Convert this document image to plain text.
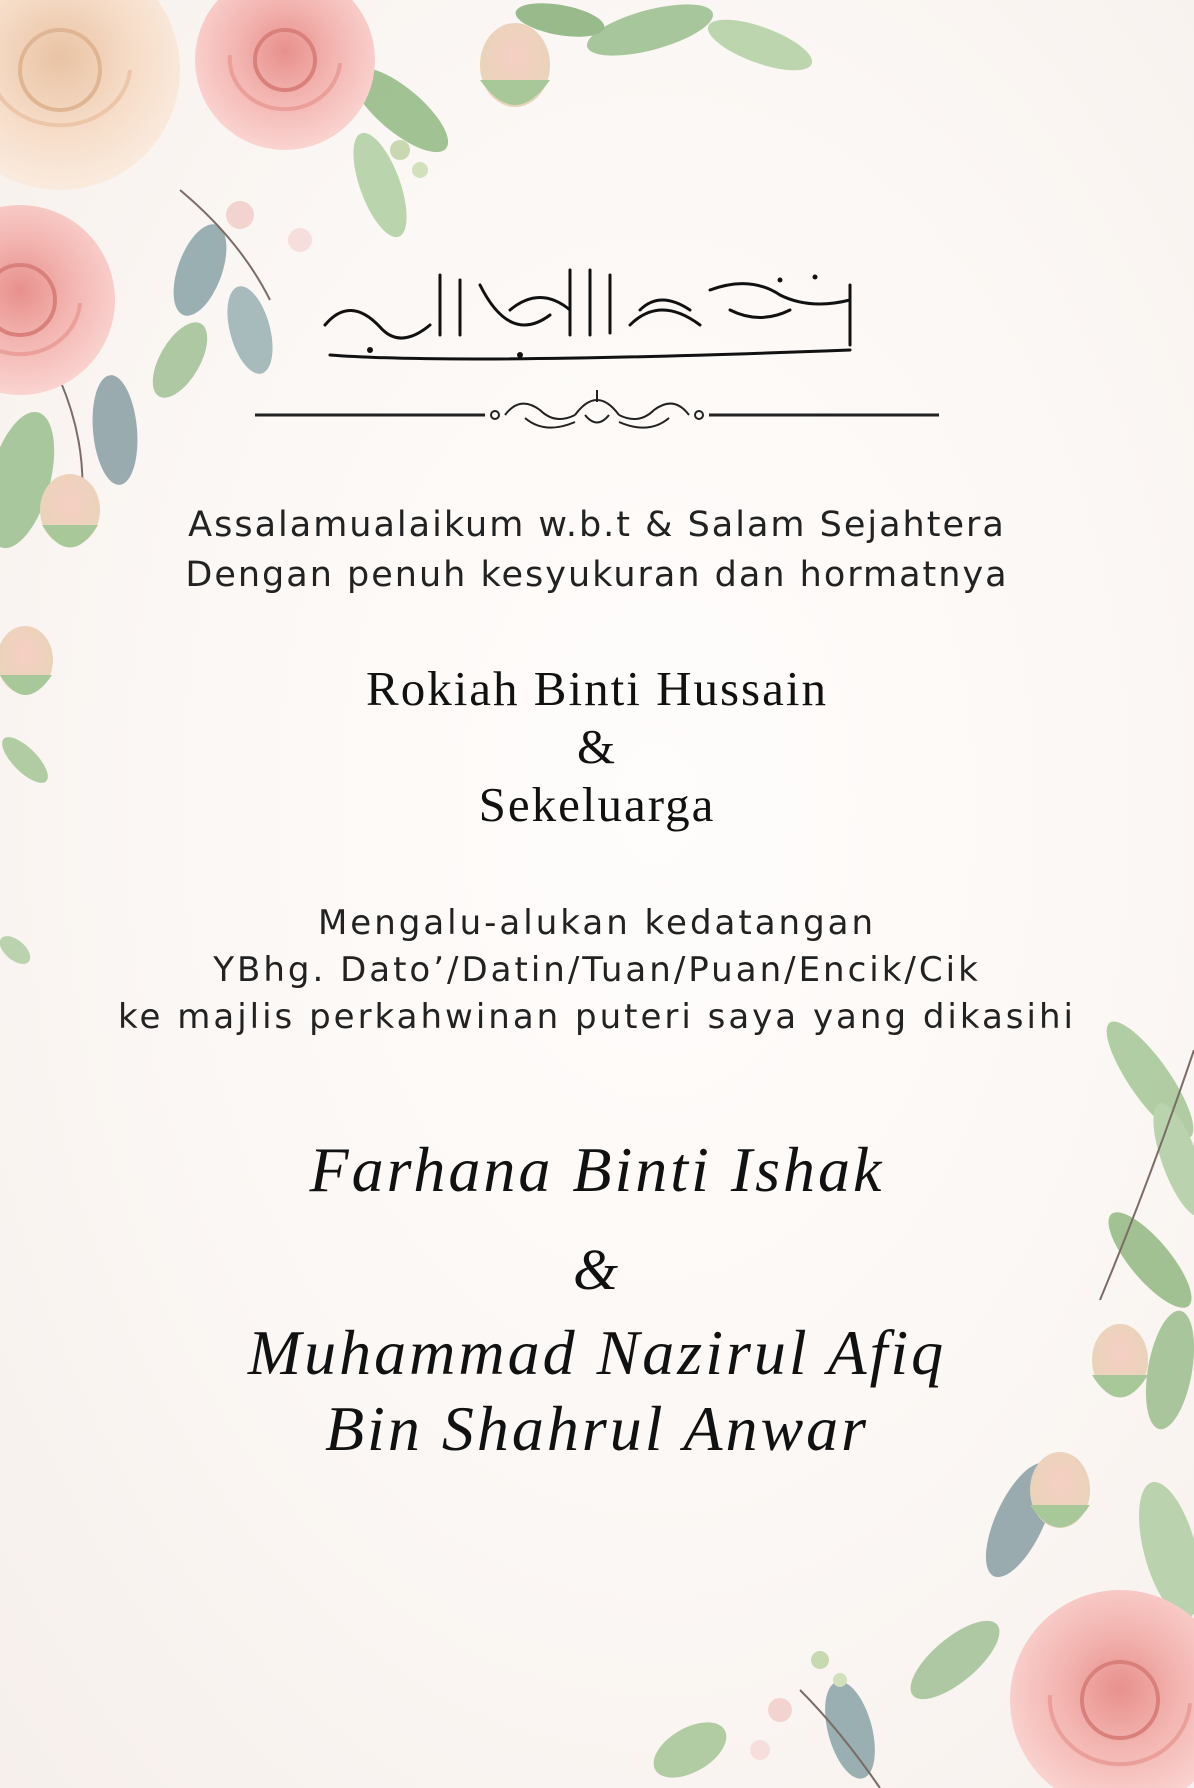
Assalamualaikum w.b.t & Salam Sejahtera
Dengan penuh kesyukuran dan hormatnya
Rokiah Binti Hussain
&
Sekeluarga
Mengalu-alukan kedatangan
YBhg. Dato’/Datin/Tuan/Puan/Encik/Cik
ke majlis perkahwinan puteri saya yang dikasihi
Farhana Binti Ishak
&
Muhammad Nazirul Afiq
Bin Shahrul Anwar
